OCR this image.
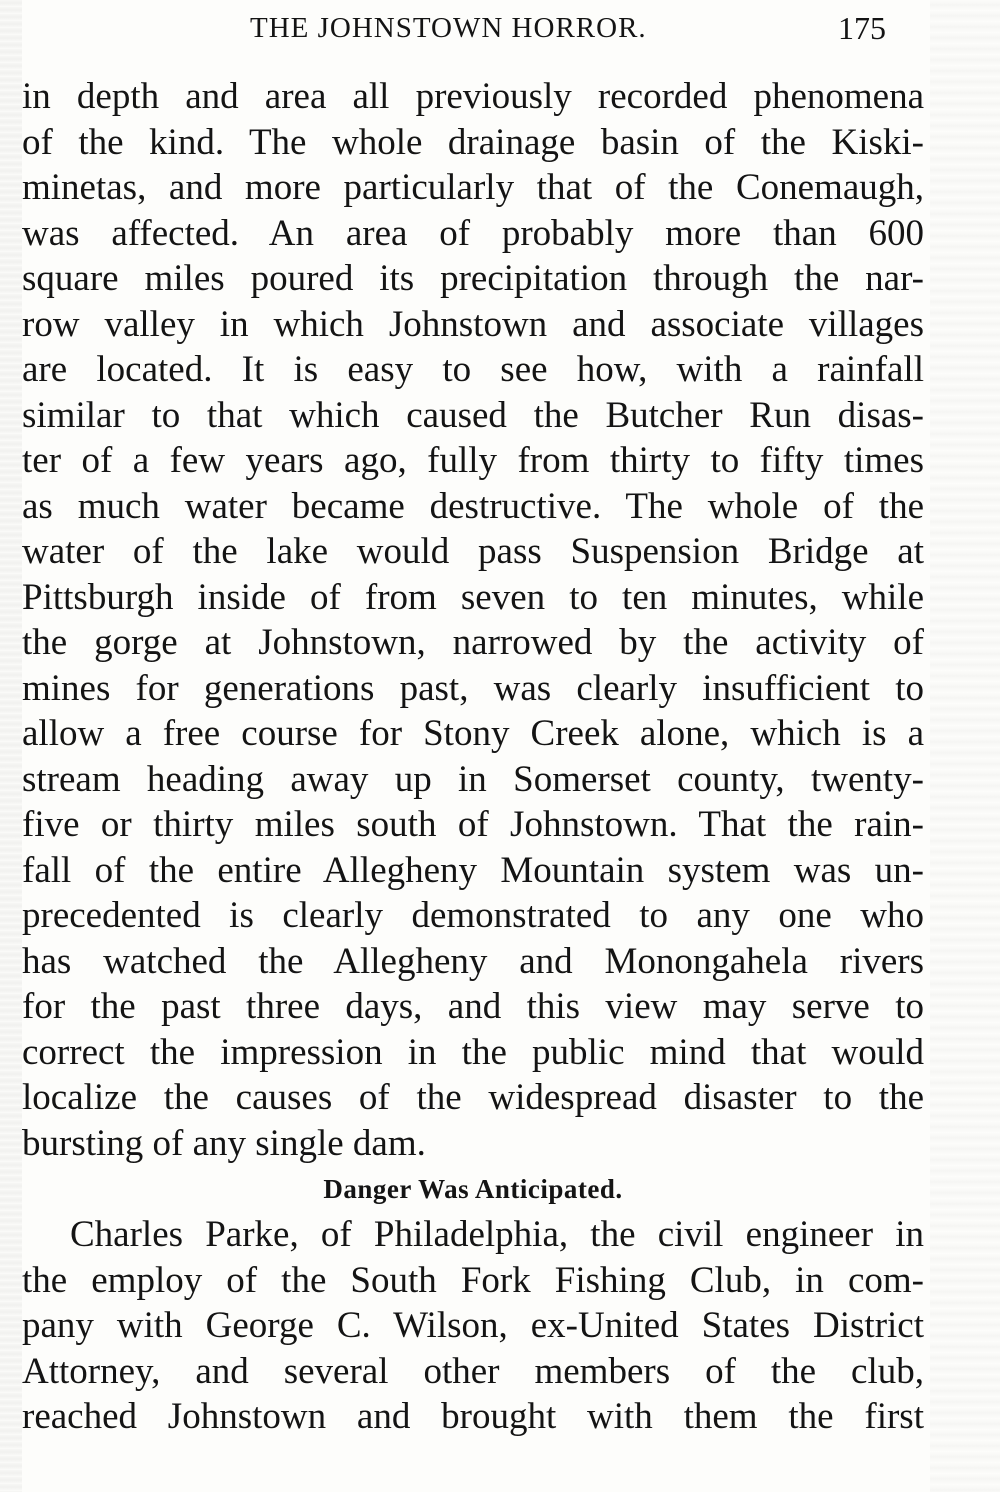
THE JOHNSTOWN HORROR.	175
in depth and area all previously recorded phenomena
of the kind. The whole drainage basin of the Kiski-
minetas, and more particularly that of the Conemaugh,
was affected. An area of probably more than 600
square miles poured its precipitation through the nar-
row valley in which Johnstown and associate villages
are located. It is easy to see how, with a rainfall
similar to that which caused the Butcher Run disas-
ter of a few years ago, fully from thirty to fifty times
as much water became destructive. The whole of the
water of the lake would pass Suspension Bridge at
Pittsburgh inside of from seven to ten minutes, while
the gorge at Johnstown, narrowed by the activity of
mines for generations past, was clearly insufficient to
allow a free course for Stony Creek alone, which is a
stream heading away up in Somerset county, twenty-
five or thirty miles south of Johnstown. That the rain-
fall of the entire Allegheny Mountain system was un-
precedented is clearly demonstrated to any one who
has watched the Allegheny and Monongahela rivers
for the past three days, and this view may serve to
correct the impression in the public mind that would
localize the causes of the widespread disaster to the
bursting of any single dam.
Danger Was Anticipated.
Charles Parke, of Philadelphia, the civil engineer in
the employ of the South Fork Fishing Club, in com-
pany with George C. Wilson, ex-United States District
Attorney, and several other members of the club,
reached Johnstown and brought with them the first
